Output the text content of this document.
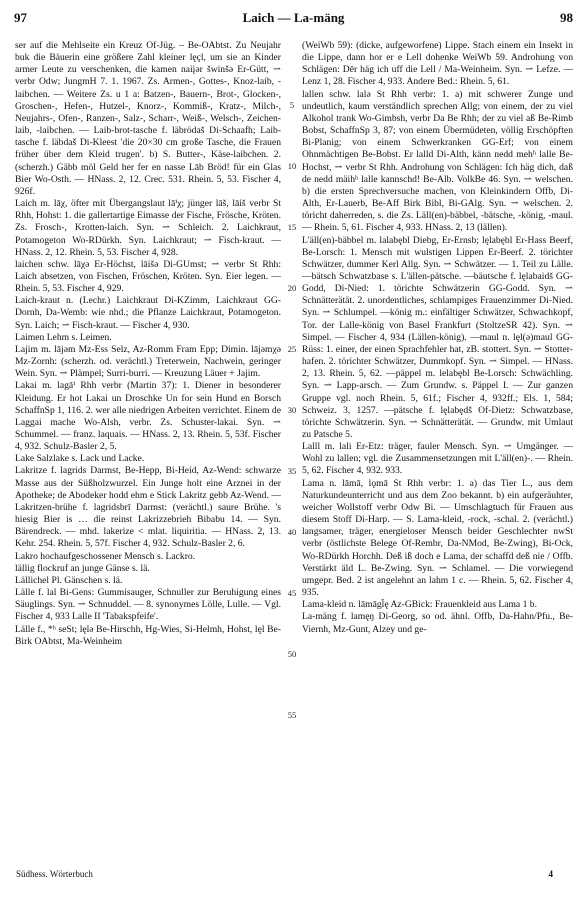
97	Laich — La-mäng	98

ser auf die Mehlseite ein Kreuz Of-Jüg. – Be-OAbtst. Zu Neujahr buk die Bäuerin eine größere Zahl kleiner lęçl, um sie an Kinder armer Leute zu verschenken, die kamen naiįər šwinšə Er-Gütt, ⇀ verbr Odw; JungmH 7. 1. 1967. Zs. Armen-, Gottes-, Knoz-laib, -laibchen. — Weitere Zs. u 1 a: Batzen-, Bauern-, Brot-, Glocken-, Groschen-, Hefen-, Hutzel-, Knorz-, Kommiß-, Kratz-, Milch-, Neujahrs-, Ofen-, Ranzen-, Salz-, Scharr-, Weiß-, Welsch-, Zeichen-laib, -laibchen. — Laib-brot-tasche f. läbrödaš Di-Schaafh; Laib-tasche f. läbdaš Di-Kleest 'die 20×30 cm große Tasche, die Frauen früher über dem Kleid trugen'. b) S. Butter-, Käse-laibchen. 2. (scherzh.) Gäbb möl Geld her fer en nasse Lāb Bröd! für ein Glas Bier Wo-Osth. — HNass. 2, 12. Crec. 531. Rhein. 5, 53. Fischer 4, 926f.

Laich m. lāχ, öfter mit Übergangslaut lāⁱχ; jünger lāš, lāiš verbr St Rhh, Hohst: 1. die gallertartige Eimasse der Fische, Frösche, Kröten. Zs. Frosch-, Krotten-laich. Syn. ⇀ Schleich. 2. Laichkraut, Potamogeton Wo-RDürkh. Syn. Laichkraut; ⇀ Fisch-kraut. — HNass. 2, 12. Rhein. 5, 53. Fischer 4, 928.

laichen schw. lāχə Er-Höchst, lāišə Di-GUmst; ⇀ verbr St Rhh: Laich absetzen, von Fischen, Fröschen, Kröten. Syn. Eier legen. — Rhein. 5, 53. Fischer 4, 929.

Laich-kraut n. (Lechr.) Laichkraut Di-KZimm, Laichkraut GG-Dornh, Da-Wemb: wie nhd.; die Pflanze Laichkraut, Potamogeton. Syn. Laich; ⇀ Fisch-kraut. — Fischer 4, 930.

Laimen Lehm s. Leimen.

Lajim m. lājəm Mz-Ess Selz, Az-Romm Fram Epp; Dimin. lājəmχə Mz-Zornh: (scherzh. od. verächtl.) Treterwein, Nachwein, geringer Wein. Syn. ⇀ Plämpel; Surri-burri. — Kreuzung Läuer + Jajim.

Lakai m. lagāⁱ Rhh verbr (Martin 37): 1. Diener in besonderer Kleidung. Er hot Lakai un Droschke Un for sein Hund en Borsch SchaffnSp 1, 116. 2. wer alle niedrigen Arbeiten verrichtet. Einem de Laggai mache Wo-Alsh, verbr. Zs. Schuster-lakai. Syn. ⇀ Schummel. — franz. laquais. — HNass. 2, 13. Rhein. 5, 53f. Fischer 4, 932. Schulz-Basler 2, 5.

Lake Salzlake s. Lack und Lacke.

Lakritze f. lagrids Darmst, Be-Hepp, Bi-Heid, Az-Wend: schwarze Masse aus der Süßholzwurzel. Ein Junge holt eine Arznei in der Apotheke; de Abodeker hodd ehm e Stick Lakritz gebb Az-Wend. — Lakritzen-brühe f. lagridsbrī Darmst: (verächtl.) saure Brühe. 's hiesig Bier is … die reinst Lakrizzebrieh Bibabu 14. — Syn. Bärendreck. — mhd. lakerize < mlat. liquiritia. — HNass. 2, 13. Kehr. 254. Rhein. 5, 57f. Fischer 4, 932. Schulz-Basler 2, 6.

Lakro hochaufgeschossener Mensch s. Lackro.

lällig flockruf an junge Gänse s. lä.

Lällichel Pl. Gänschen s. lä.

Lälle f. lal Bi-Gens: Gummisauger, Schnuller zur Beruhigung eines Säuglings. Syn. ⇀ Schnuddel. — 8. synonymes Lölle, Lulle. — Vgl. Fischer 4, 933 Lalle II 'Tabakspfeife'.

Lälle f., *ʰ seSt; lęlə Be-Hirschh, Hg-Wies, Si-Helmh, Hohst, lęl Be-Birk OAbtst, Ma-Weinheim

5
10
15
20
25
30
35
40
45
50
55

(WeiWb 59): (dicke, aufgeworfene) Lippe. Stach einem ein Insekt in die Lippe, dann hor er e Lell dohenke WeiWb 59. Androhung von Schlägen: Dēr häg ich uff die Lell / Ma-Weinheim. Syn. ⇀ Lefze. — Lenz 1, 28. Fischer 4, 933. Andere Bed.: Rhein. 5, 61.

lallen schw. lalə St Rhh verbr: 1. a) mit schwerer Zunge und undeutlich, kaum verständlich sprechen Allg; von einem, der zu viel Alkohol trank Wo-Gimbsh, verbr Da Be Rhh; der zu viel aß Be-Rimb Bobst, SchaffnSp 3, 87; von einem Übermüdeten, völlig Erschöpften Bi-Planig; von einem Schwerkranken GG-Erf; von einem Ohnmächtigen Be-Bobst. Er lalld Di-Alth, känn nedd mehʰ lalle Be-Hochst, ⇀ verbr St Rhh. Androhung von Schlägen: Ich häg dich, daß de nedd mäihʰ lalle kannschd! Be-Alb. VolkBe 46. Syn. ⇀ welschen. b) die ersten Sprechversuche machen, von Kleinkindern Offb, Di-Alth, Er-Lauerb, Be-Aff Birk Bibl, Bi-GAlg. Syn. ⇀ welschen. 2. töricht daherreden, s. die Zs. Läll(en)-bäbbel, -bätsche, -könig, -maul. — Rhein. 5, 61. Fischer 4, 933. HNass. 2, 13 (lällen).

L'äll(en)-bäbbel m. lalabębl Diebg, Er-Ernsb; lęlabębl Er-Hass Beerf, Be-Lorsch: 1. Mensch mit wulstigen Lippen Er-Beerf. 2. törichter Schwätzer, dummer Kerl Allg. Syn. ⇀ Schwätzer. — 1. Teil zu Lälle. —bätsch Schwatzbase s. L'ällen-pätsche. —bäutsche f. lęlabaidš GG-Godd, Di-Nied: 1. törichte Schwätzerin GG-Godd. Syn. ⇀ Schnätterätät. 2. unordentliches, schlampiges Frauenzimmer Di-Nied. Syn. ⇀ Schlumpel. —könig m.: einfältiger Schwätzer, Schwachkopf, Tor. der Lalle-könig von Basel Frankfurt (StoltzeSR 42). Syn. ⇀ Simpel. — Fischer 4, 934 (Lällen-könig). —maul n. lęl(ə)maul GG-Rüss: 1. einer, der einen Sprachfehler hat, zB. stottert. Syn. ⇀ Stotter-hafen. 2. törichter Schwätzer, Dummkopf. Syn. ⇀ Simpel. — HNass. 2, 13. Rhein. 5, 62. —päppel m. lelabębl Be-Lorsch: Schwächling. Syn. ⇀ Lapp-arsch. — Zum Grundw. s. Päppel I. — Zur ganzen Gruppe vgl. noch Rhein. 5, 61f.; Fischer 4, 932ff.; Els. 1, 584; Schweiz. 3, 1257. —pätsche f. lęlabędš Of-Dietz: Schwatzbase, törichte Schwätzerin. Syn. ⇀ Schnätterätät. — Grundw. mit Umlaut zu Patsche 5.

Lalll m. lali Er-Etz: träger, fauler Mensch. Syn. ⇀ Umgänger. — Wohl zu lallen; vgl. die Zusammensetzungen mit L'äll(en)-. — Rhein. 5, 62. Fischer 4, 932. 933.

Lama n. lāmā, lǫmā St Rhh verbr: 1. a) das Tier L., aus dem Naturkundeunterricht und aus dem Zoo bekannt. b) ein aufgeräuhter, weicher Wollstoff verbr Odw Bi. — Umschlagtuch für Frauen aus diesem Stoff Di-Harp. — S. Lama-kleid, -rock, -schal. 2. (verächtl.) langsamer, träger, energieloser Mensch beider Geschlechter nwSt verbr (östlichste Belege Of-Rembr, Da-NMod, Be-Zwing), Bi-Ock, Wo-RDürkh Horchh. Deß iß doch e Lama, der schaffd deß nie / Offb. Verstärkt äld L. Be-Zwing. Syn. ⇀ Schlamel. — Die vorwiegend umgepr. Bed. 2 ist angelehnt an lahm 1 c. — Rhein. 5, 62. Fischer 4, 935.

Lama-kleid n. lāmāgl̄ę Az-GBick: Frauenkleid aus Lama 1 b.

La-mäng f. lamęŋ Di-Georg, so od. ähnl. Offb, Da-Hahn/Pfu., Be-Viernh, Mz-Gunt, Alzey und ge-

Südhess. Wörterbuch	4
